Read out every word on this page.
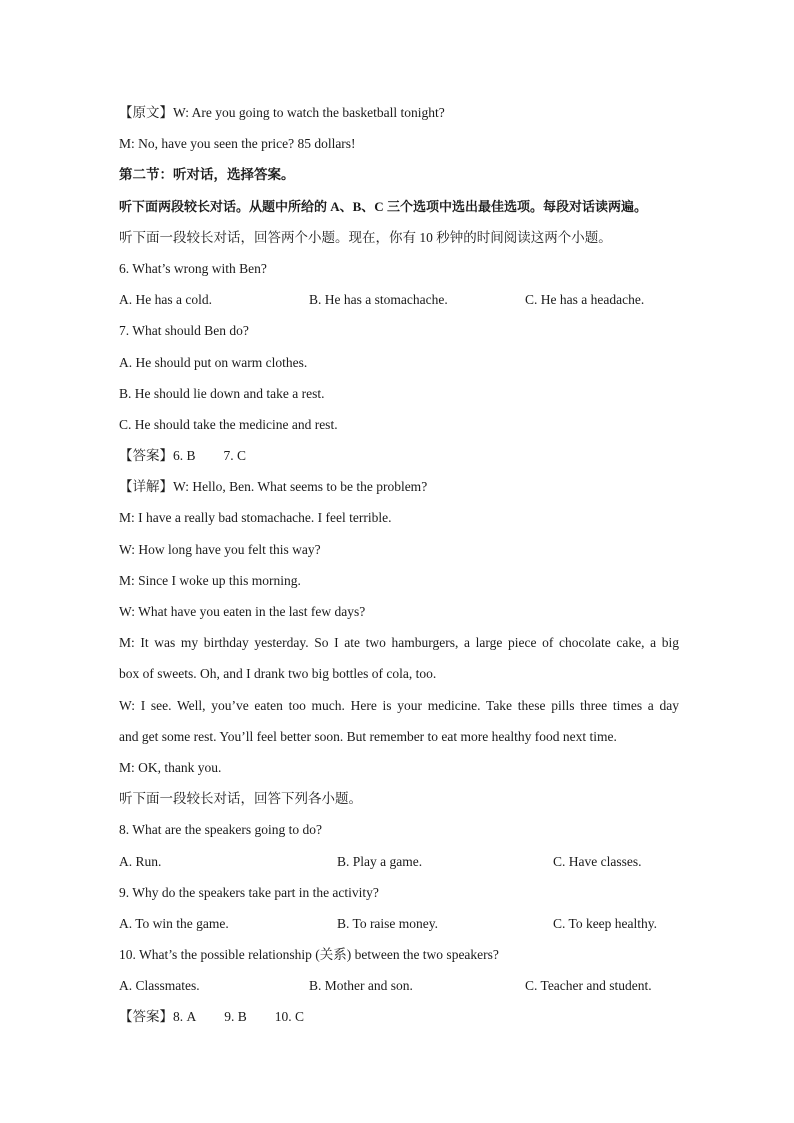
【原文】W: Are you going to watch the basketball tonight?
M: No, have you seen the price? 85 dollars!
第二节：听对话，选择答案。
听下面两段较长对话。从题中所给的 A、B、C 三个选项中选出最佳选项。每段对话读两遍。
听下面一段较长对话，回答两个小题。现在，你有 10 秒钟的时间阅读这两个小题。
6. What’s wrong with Ben?
A. He has a cold.	B. He has a stomachache.	C. He has a headache.
7. What should Ben do?
A. He should put on warm clothes.
B. He should lie down and take a rest.
C. He should take the medicine and rest.
【答案】6. B 7. C
【详解】W: Hello, Ben. What seems to be the problem?
M: I have a really bad stomachache. I feel terrible.
W: How long have you felt this way?
M: Since I woke up this morning.
W: What have you eaten in the last few days?
M: It was my birthday yesterday. So I ate two hamburgers, a large piece of chocolate cake, a big
box of sweets. Oh, and I drank two big bottles of cola, too.
W: I see. Well, you’ve eaten too much. Here is your medicine. Take these pills three times a day
and get some rest. You’ll feel better soon. But remember to eat more healthy food next time.
M: OK, thank you.
听下面一段较长对话，回答下列各小题。
8. What are the speakers going to do?
A. Run.	B. Play a game.	C. Have classes.
9. Why do the speakers take part in the activity?
A. To win the game.	B. To raise money.	C. To keep healthy.
10. What’s the possible relationship (关系) between the two speakers?
A. Classmates.	B. Mother and son.	C. Teacher and student.
【答案】8. A 9. B 10. C
